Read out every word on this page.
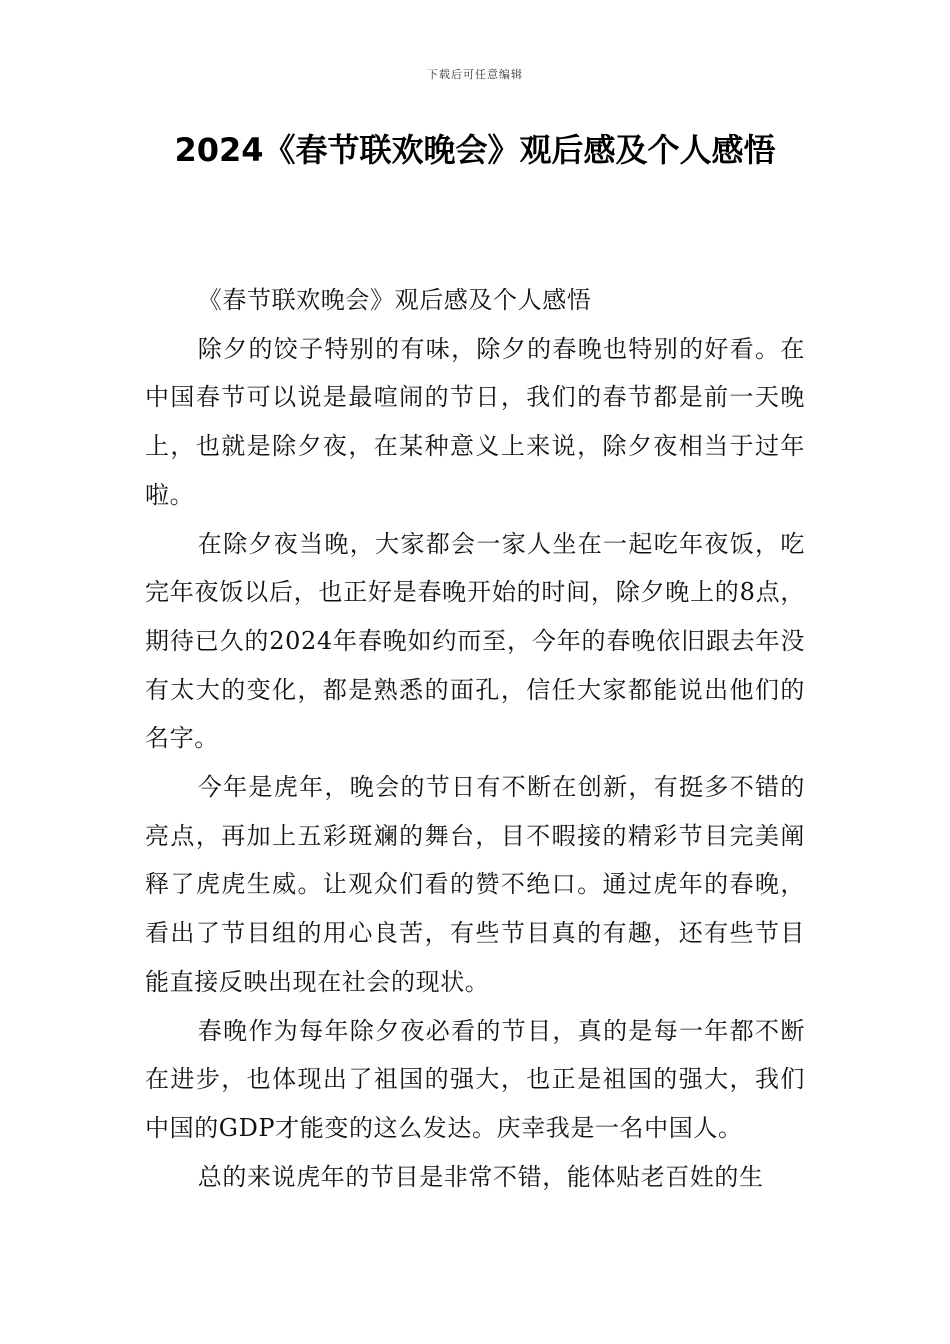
下载后可任意编辑
2024《春节联欢晚会》观后感及个人感悟

《春节联欢晚会》观后感及个人感悟

除夕的饺子特别的有味，除夕的春晚也特别的好看。在中国春节可以说是最喧闹的节日，我们的春节都是前一天晚上，也就是除夕夜，在某种意义上来说，除夕夜相当于过年啦。

在除夕夜当晚，大家都会一家人坐在一起吃年夜饭，吃完年夜饭以后，也正好是春晚开始的时间，除夕晚上的8点，期待已久的2024年春晚如约而至，今年的春晚依旧跟去年没有太大的变化，都是熟悉的面孔，信任大家都能说出他们的名字。

今年是虎年，晚会的节日有不断在创新，有挺多不错的亮点，再加上五彩斑斓的舞台，目不暇接的精彩节目完美阐释了虎虎生威。让观众们看的赞不绝口。通过虎年的春晚，看出了节目组的用心良苦，有些节目真的有趣，还有些节目能直接反映出现在社会的现状。

春晚作为每年除夕夜必看的节目，真的是每一年都不断在进步，也体现出了祖国的强大，也正是祖国的强大，我们中国的GDP才能变的这么发达。庆幸我是一名中国人。

总的来说虎年的节目是非常不错，能体贴老百姓的生
